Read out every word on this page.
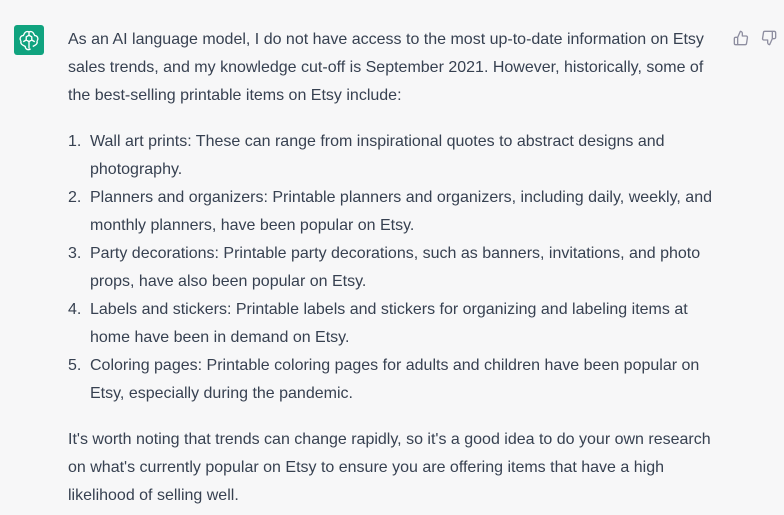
As an AI language model, I do not have access to the most up-to-date information on Etsy sales trends, and my knowledge cut-off is September 2021. However, historically, some of the best-selling printable items on Etsy include:

1. Wall art prints: These can range from inspirational quotes to abstract designs and photography.
2. Planners and organizers: Printable planners and organizers, including daily, weekly, and monthly planners, have been popular on Etsy.
3. Party decorations: Printable party decorations, such as banners, invitations, and photo props, have also been popular on Etsy.
4. Labels and stickers: Printable labels and stickers for organizing and labeling items at home have been in demand on Etsy.
5. Coloring pages: Printable coloring pages for adults and children have been popular on Etsy, especially during the pandemic.

It's worth noting that trends can change rapidly, so it's a good idea to do your own research on what's currently popular on Etsy to ensure you are offering items that have a high likelihood of selling well.
